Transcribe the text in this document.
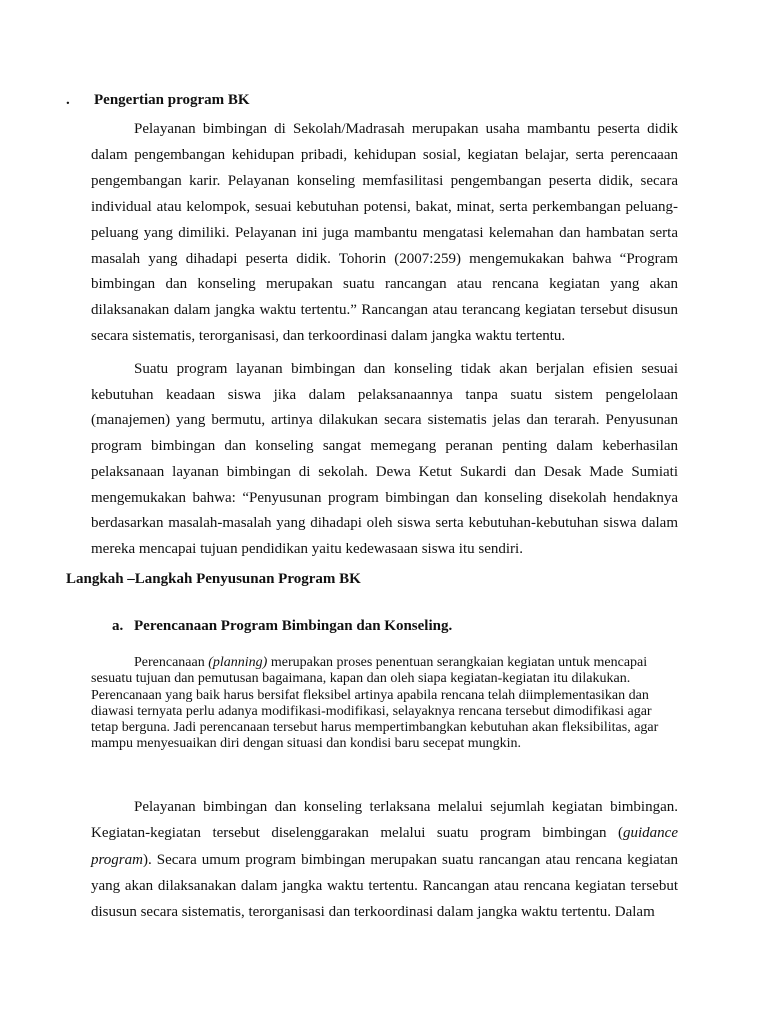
. Pengertian program BK

Pelayanan bimbingan di Sekolah/Madrasah merupakan usaha mambantu peserta didik dalam pengembangan kehidupan pribadi, kehidupan sosial, kegiatan belajar, serta perencaaan pengembangan karir. Pelayanan konseling memfasilitasi pengembangan peserta didik, secara individual atau kelompok, sesuai kebutuhan potensi, bakat, minat, serta perkembangan peluang-peluang yang dimiliki. Pelayanan ini juga mambantu mengatasi kelemahan dan hambatan serta masalah yang dihadapi peserta didik. Tohorin (2007:259) mengemukakan bahwa “Program bimbingan dan konseling merupakan suatu rancangan atau rencana kegiatan yang akan dilaksanakan dalam jangka waktu tertentu.” Rancangan atau terancang kegiatan tersebut disusun secara sistematis, terorganisasi, dan terkoordinasi dalam jangka waktu tertentu.

Suatu program layanan bimbingan dan konseling tidak akan berjalan efisien sesuai kebutuhan keadaan siswa jika dalam pelaksanaannya tanpa suatu sistem pengelolaan (manajemen) yang bermutu, artinya dilakukan secara sistematis jelas dan terarah. Penyusunan program bimbingan dan konseling sangat memegang peranan penting dalam keberhasilan pelaksanaan layanan bimbingan di sekolah. Dewa Ketut Sukardi dan Desak Made Sumiati mengemukakan bahwa: “Penyusunan program bimbingan dan konseling disekolah hendaknya berdasarkan masalah-masalah yang dihadapi oleh siswa serta kebutuhan-kebutuhan siswa dalam mereka mencapai tujuan pendidikan yaitu kedewasaan siswa itu sendiri.

Langkah –Langkah Penyusunan Program BK
a. Perencanaan Program Bimbingan dan Konseling.

Perencanaan (planning) merupakan proses penentuan serangkaian kegiatan untuk mencapai sesuatu tujuan dan pemutusan bagaimana, kapan dan oleh siapa kegiatan-kegiatan itu dilakukan. Perencanaan yang baik harus bersifat fleksibel artinya apabila rencana telah diimplementasikan dan diawasi ternyata perlu adanya modifikasi-modifikasi, selayaknya rencana tersebut dimodifikasi agar tetap berguna. Jadi perencanaan tersebut harus mempertimbangkan kebutuhan akan fleksibilitas, agar mampu menyesuaikan diri dengan situasi dan kondisi baru secepat mungkin.

Pelayanan bimbingan dan konseling terlaksana melalui sejumlah kegiatan bimbingan. Kegiatan-kegiatan tersebut diselenggarakan melalui suatu program bimbingan (guidance program). Secara umum program bimbingan merupakan suatu rancangan atau rencana kegiatan yang akan dilaksanakan dalam jangka waktu tertentu. Rancangan atau rencana kegiatan tersebut disusun secara sistematis, terorganisasi dan terkoordinasi dalam jangka waktu tertentu. Dalam
